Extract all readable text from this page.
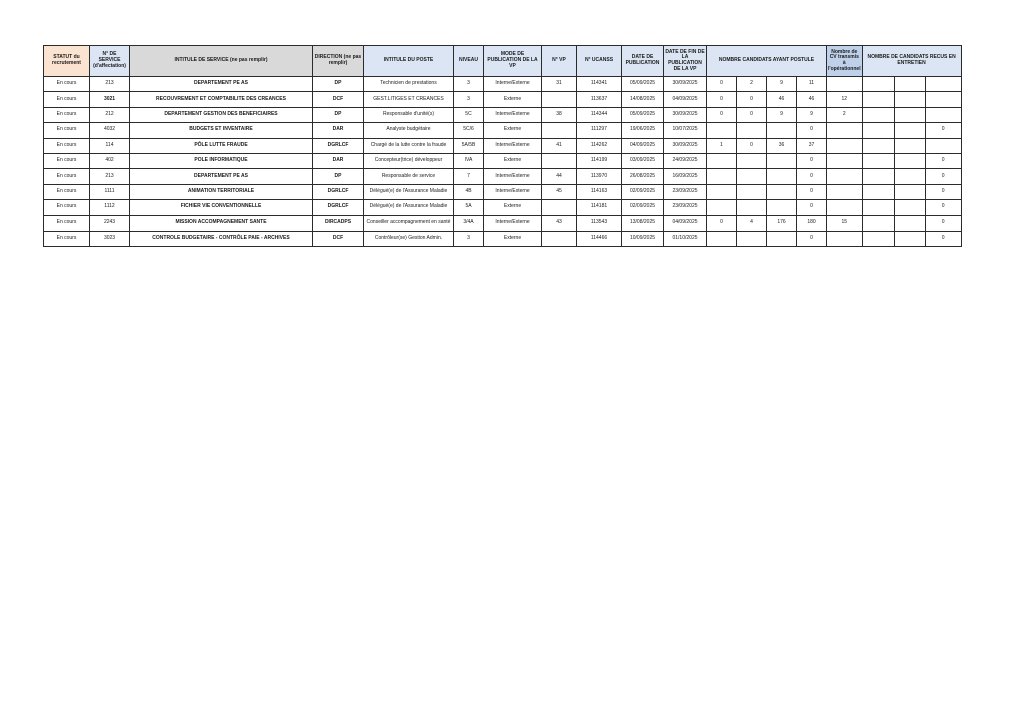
STATUT du recrutement	N° DE SERVICE (d'affectation)	INTITULE DE SERVICE (ne pas remplir)	DIRECTION (ne pas remplir)	INTITULE DU POSTE	NIVEAU	MODE DE PUBLICATION DE LA VP	N° VP	N° UCANSS	DATE DE PUBLICATION	DATE DE FIN DE LA PUBLICATION DE LA VP	NOMBRE CANDIDATS AYANT POSTULE				Nombre de CV transmis à l'opérationnel	NOMBRE DE CANDIDATS RECUS EN ENTRETIEN		
En cours	213	DEPARTEMENT PE AS	DP	Technicien de prestations	3	Interne/Externe	31	114341	05/09/2025	30/09/2025	0	2	9	11				
En cours	3021	RECOUVREMENT ET COMPTABILITE DES CREANCES	DCF	GEST.LITIGES ET CREANCES	3	Externe		113637	14/08/2025	04/09/2025	0	0	46	46	12			
En cours	212	DEPARTEMENT GESTION DES BENEFICIAIRES	DP	Responsable d'unité(s)	5C	Interne/Externe	38	114344	05/09/2025	30/09/2025	0	0	9	9	2			
En cours	4032	BUDGETS ET INVENTAIRE	DAR	Analyste budgétaire	5C/6	Externe		111297	19/06/2025	10/07/2025				0				0
En cours	114	PÔLE LUTTE FRAUDE	DGRLCF	Chargé de la lutte contre la fraude	5A/5B	Interne/Externe	41	114262	04/09/2025	30/09/2025	1	0	36	37				
En cours	402	POLE INFORMATIQUE	DAR	Concepteur(trice) développeur	IVA	Externe		114199	03/09/2025	24/09/2025				0				0
En cours	213	DEPARTEMENT PE AS	DP	Responsable de service	7	Interne/Externe	44	113970	26/08/2025	16/09/2025				0				0
En cours	1111	ANIMATION TERRITORIALE	DGRLCF	Délégué(e) de l'Assurance Maladie	4B	Interne/Externe	45	114163	02/09/2025	23/09/2025				0				0
En cours	1112	FICHIER VIE CONVENTIONNELLE	DGRLCF	Délégué(e) de l'Assurance Maladie	5A	Externe		114181	02/09/2025	23/09/2025				0				0
En cours	2243	MISSION ACCOMPAGNEMENT SANTE	DIRCADPS	Conseiller accompagnement en santé	3/4A	Interne/Externe	43	113543	13/08/2025	04/09/2025	0	4	176	180	15			0
En cours	3023	CONTROLE BUDGETAIRE - CONTRÔLE PAIE - ARCHIVES	DCF	Contrôleur(se) Gestion Admin.	3	Externe		114466	10/09/2025	01/10/2025				0				0
